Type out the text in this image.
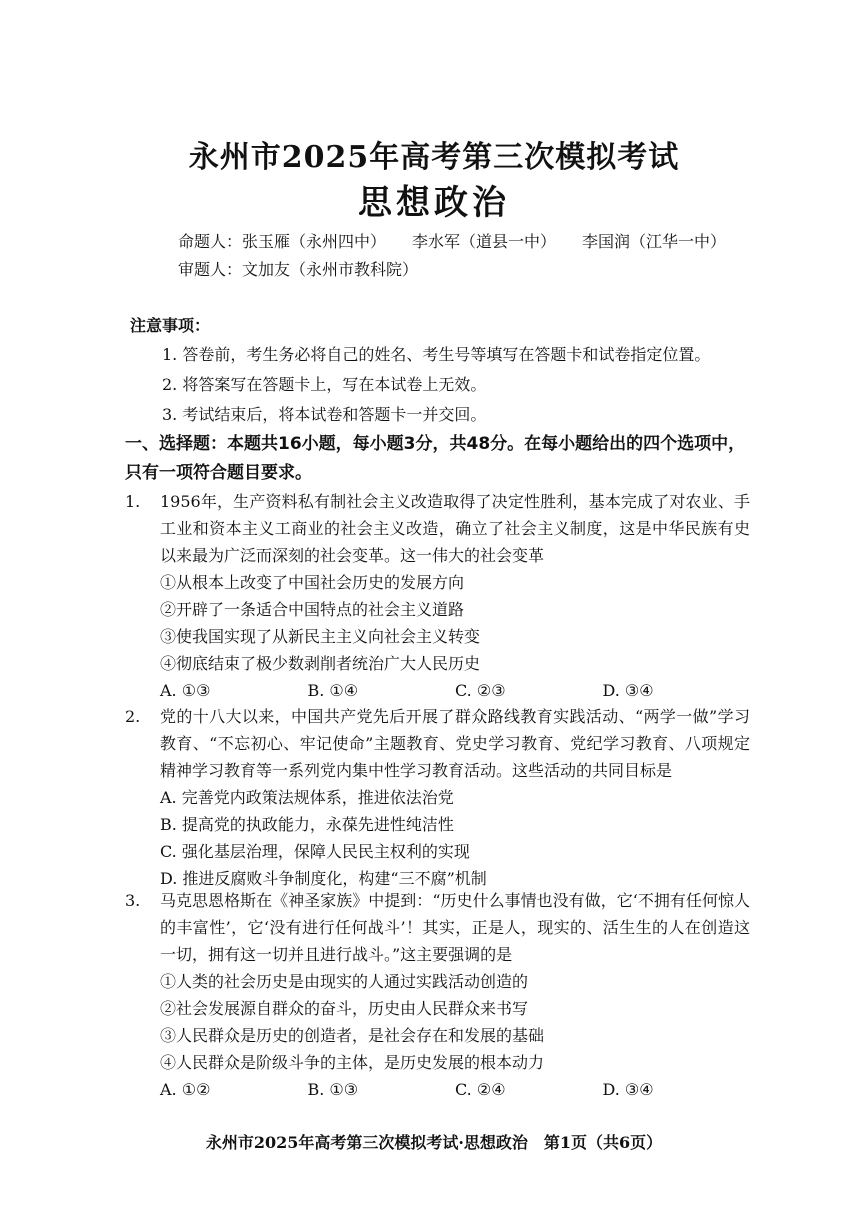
永州市2025年高考第三次模拟考试
思想政治
命题人：张玉雁（永州四中） 李水军（道县一中） 李国润（江华一中）
审题人：文加友（永州市教科院）
注意事项：
1. 答卷前，考生务必将自己的姓名、考生号等填写在答题卡和试卷指定位置。
2. 将答案写在答题卡上，写在本试卷上无效。
3. 考试结束后，将本试卷和答题卡一并交回。
一、选择题：本题共16小题，每小题3分，共48分。在每小题给出的四个选项中，只有一项符合题目要求。
1.	1956年，生产资料私有制社会主义改造取得了决定性胜利，基本完成了对农业、手工业和资本主义工商业的社会主义改造，确立了社会主义制度，这是中华民族有史以来最为广泛而深刻的社会变革。这一伟大的社会变革
①从根本上改变了中国社会历史的发展方向
②开辟了一条适合中国特点的社会主义道路
③使我国实现了从新民主主义向社会主义转变
④彻底结束了极少数剥削者统治广大人民历史
A. ①③	B. ①④	C. ②③	D. ③④
2.	党的十八大以来，中国共产党先后开展了群众路线教育实践活动、“两学一做”学习教育、“不忘初心、牢记使命”主题教育、党史学习教育、党纪学习教育、八项规定精神学习教育等一系列党内集中性学习教育活动。这些活动的共同目标是
A. 完善党内政策法规体系，推进依法治党
B. 提高党的执政能力，永葆先进性纯洁性
C. 强化基层治理，保障人民民主权利的实现
D. 推进反腐败斗争制度化，构建“三不腐”机制
3.	马克思恩格斯在《神圣家族》中提到：“历史什么事情也没有做，它‘不拥有任何惊人的丰富性’，它‘没有进行任何战斗’！其实，正是人，现实的、活生生的人在创造这一切，拥有这一切并且进行战斗。”这主要强调的是
①人类的社会历史是由现实的人通过实践活动创造的
②社会发展源自群众的奋斗，历史由人民群众来书写
③人民群众是历史的创造者，是社会存在和发展的基础
④人民群众是阶级斗争的主体，是历史发展的根本动力
A. ①②	B. ①③	C. ②④	D. ③④
永州市2025年高考第三次模拟考试·思想政治　第1页（共6页）
